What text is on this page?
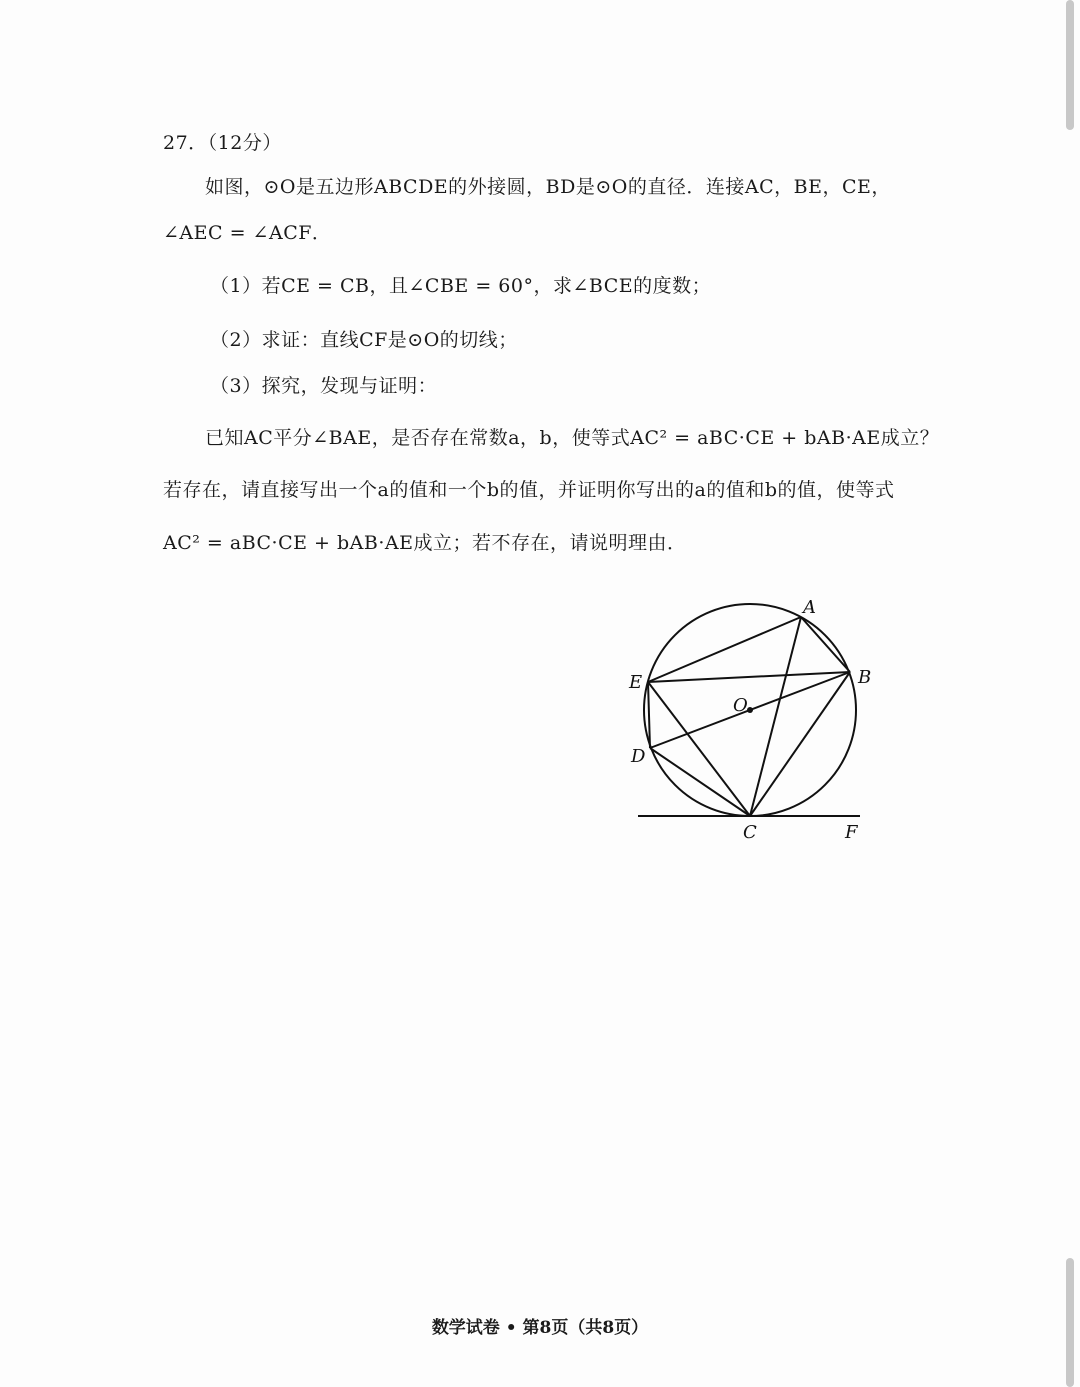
27．（12分）
如图，⊙O是五边形ABCDE的外接圆，BD是⊙O的直径．连接AC，BE，CE，
∠AEC = ∠ACF．
（1）若CE = CB，且∠CBE = 60°，求∠BCE的度数；
（2）求证：直线CF是⊙O的切线；
（3）探究，发现与证明：
已知AC平分∠BAE，是否存在常数a，b，使等式AC² = aBC·CE + bAB·AE成立？
若存在，请直接写出一个a的值和一个b的值，并证明你写出的a的值和b的值，使等式
AC² = aBC·CE + bAB·AE成立；若不存在，请说明理由．
A
B
C
D
E
F
O
数学试卷 • 第8页（共8页）
